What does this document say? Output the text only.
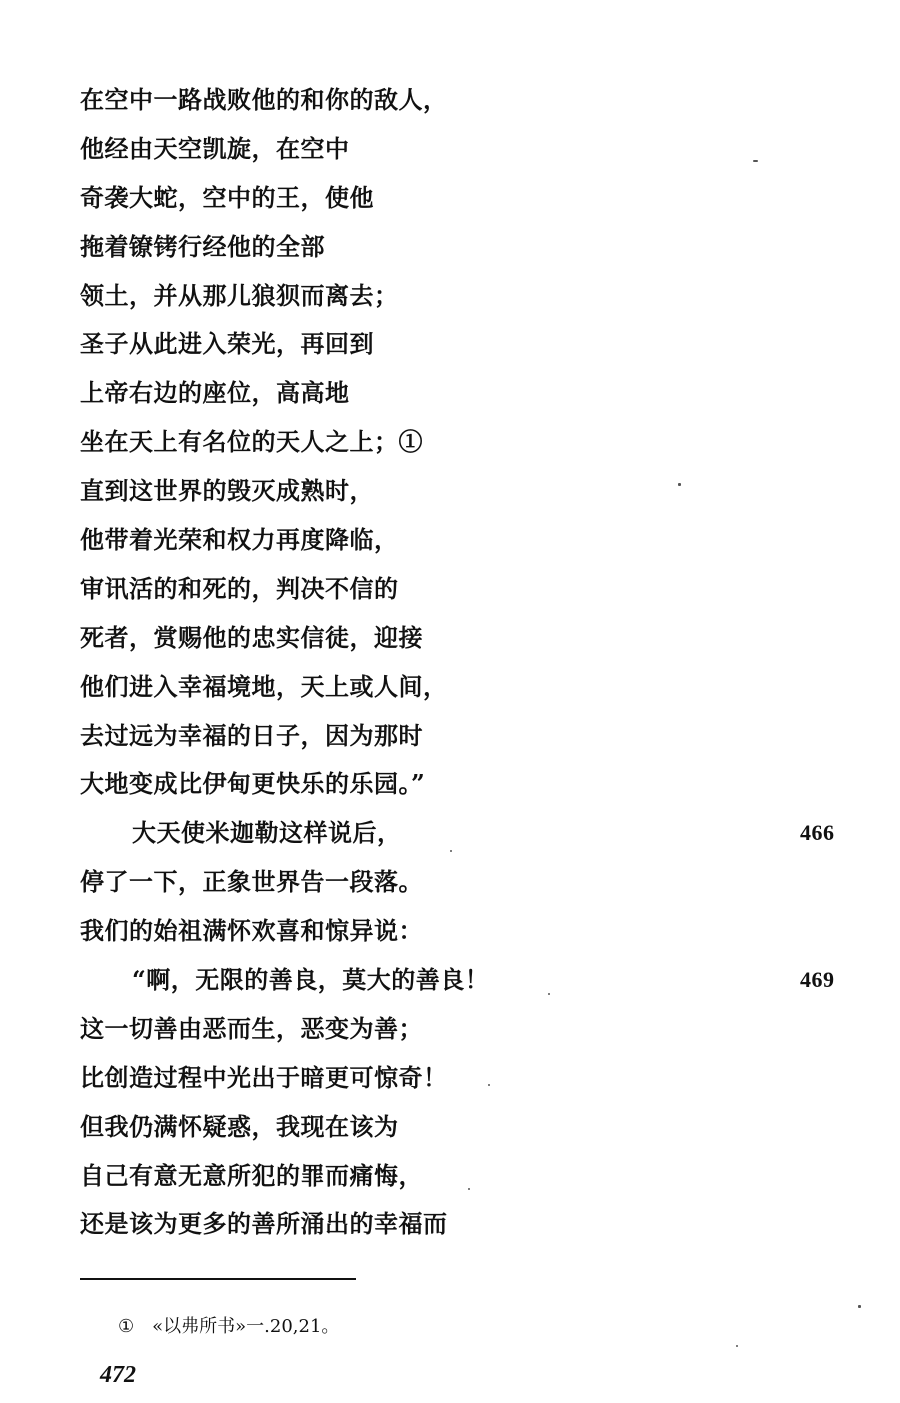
在空中一路战败他的和你的敌人，
他经由天空凯旋，在空中
奇袭大蛇，空中的王，使他
拖着镣铐行经他的全部
领土，并从那儿狼狈而离去；
圣子从此进入荣光，再回到
上帝右边的座位，高高地
坐在天上有名位的天人之上；①
直到这世界的毁灭成熟时，
他带着光荣和权力再度降临，
审讯活的和死的，判决不信的
死者，赏赐他的忠实信徒，迎接
他们进入幸福境地，天上或人间，
去过远为幸福的日子，因为那时
大地变成比伊甸更快乐的乐园。”
大天使米迦勒这样说后，	466
停了一下，正象世界告一段落。
我们的始祖满怀欢喜和惊异说：
“啊，无限的善良，莫大的善良！	469
这一切善由恶而生，恶变为善；
比创造过程中光出于暗更可惊奇！
但我仍满怀疑惑，我现在该为
自己有意无意所犯的罪而痛悔，
还是该为更多的善所涌出的幸福而
① «以弗所书»一.20,21。
472
